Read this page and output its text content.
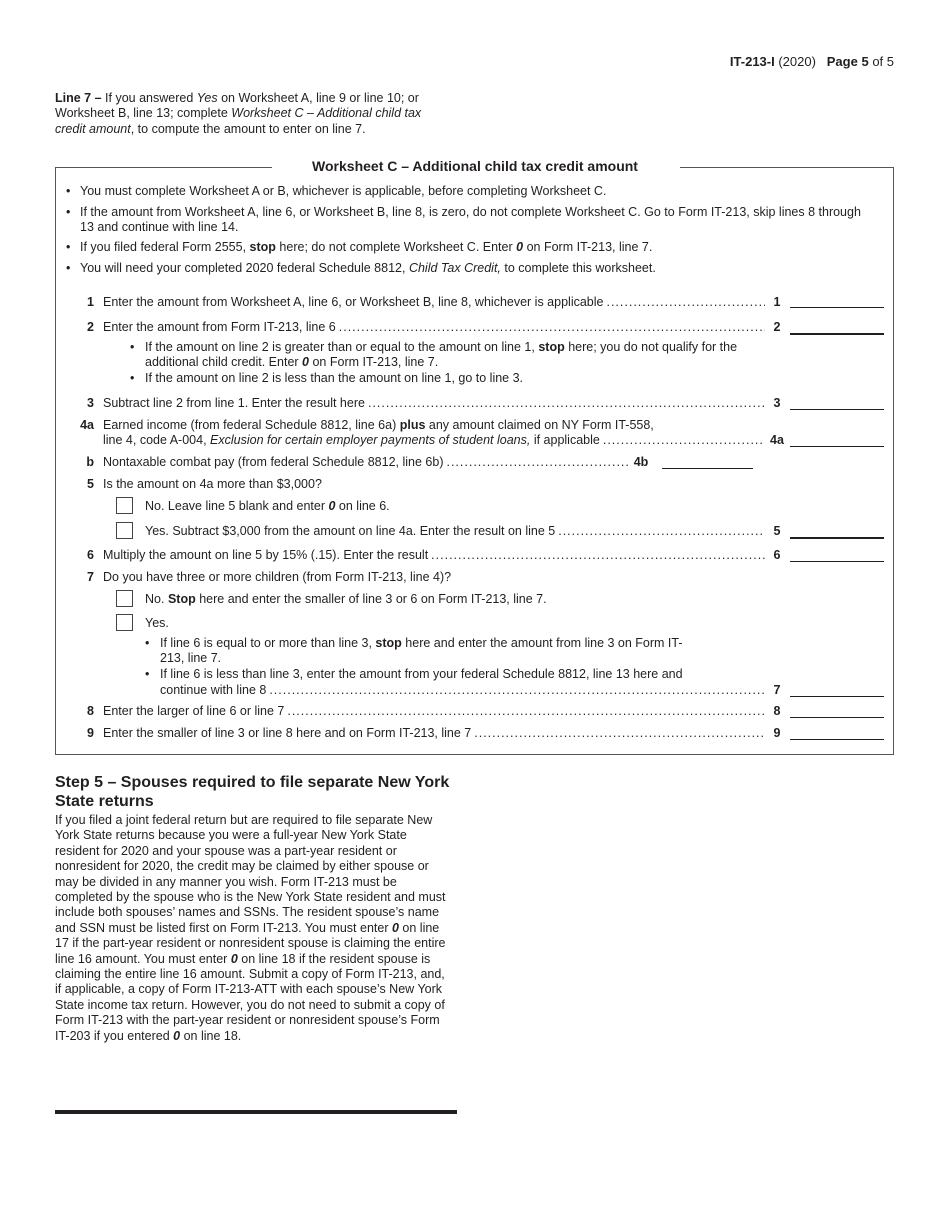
IT-213-I (2020) Page 5 of 5
Line 7 – If you answered Yes on Worksheet A, line 9 or line 10; or Worksheet B, line 13; complete Worksheet C – Additional child tax credit amount, to compute the amount to enter on line 7.
Worksheet C – Additional child tax credit amount
• You must complete Worksheet A or B, whichever is applicable, before completing Worksheet C.
• If the amount from Worksheet A, line 6, or Worksheet B, line 8, is zero, do not complete Worksheet C. Go to Form IT-213, skip lines 8 through 13 and continue with line 14.
• If you filed federal Form 2555, stop here; do not complete Worksheet C. Enter 0 on Form IT-213, line 7.
• You will need your completed 2020 federal Schedule 8812, Child Tax Credit, to complete this worksheet.
1 Enter the amount from Worksheet A, line 6, or Worksheet B, line 8, whichever is applicable .....	1
2 Enter the amount from Form IT-213, line 6 .....	2
• If the amount on line 2 is greater than or equal to the amount on line 1, stop here; you do not qualify for the additional child credit. Enter 0 on Form IT-213, line 7.
• If the amount on line 2 is less than the amount on line 1, go to line 3.
3 Subtract line 2 from line 1. Enter the result here .....	3
4a Earned income (from federal Schedule 8812, line 6a) plus any amount claimed on NY Form IT-558,
line 4, code A-004,
Exclusion for certain employer payments of student loans,
if applicable .....	4a
b Nontaxable combat pay (from federal Schedule 8812, line 6b) .....	4b
5 Is the amount on 4a more than $3,000?
No. Leave line 5 blank and enter 0 on line 6.
Yes. Subtract $3,000 from the amount on line 4a. Enter the result on line 5 .....	5
6 Multiply the amount on line 5 by 15% (.15). Enter the result .....	6
7 Do you have three or more children (from Form IT-213, line 4)?
No. Stop here and enter the smaller of line 3 or 6 on Form IT-213, line 7.
Yes.
• If line 6 is equal to or more than line 3, stop here and enter the amount from line 3 on Form IT-213, line 7.
• If line 6 is less than line 3, enter the amount from your federal Schedule 8812, line 13 here and
continue with line 8 .....	7
8 Enter the larger of line 6 or line 7 .....	8
9 Enter the smaller of line 3 or line 8 here and on Form IT-213, line 7 .....	9
Step 5 – Spouses required to file separate New York State returns
If you filed a joint federal return but are required to file separate New York State returns because you were a full-year New York State resident for 2020 and your spouse was a part-year resident or nonresident for 2020, the credit may be claimed by either spouse or may be divided in any manner you wish. Form IT-213 must be completed by the spouse who is the New York State resident and must include both spouses’ names and SSNs. The resident spouse’s name and SSN must be listed first on Form IT-213. You must enter 0 on line 17 if the part-year resident or nonresident spouse is claiming the entire line 16 amount. You must enter 0 on line 18 if the resident spouse is claiming the entire line 16 amount. Submit a copy of Form IT-213, and, if applicable, a copy of Form IT-213-ATT with each spouse’s New York State income tax return. However, you do not need to submit a copy of Form IT-213 with the part-year resident or nonresident spouse’s Form IT-203 if you entered 0 on line 18.
